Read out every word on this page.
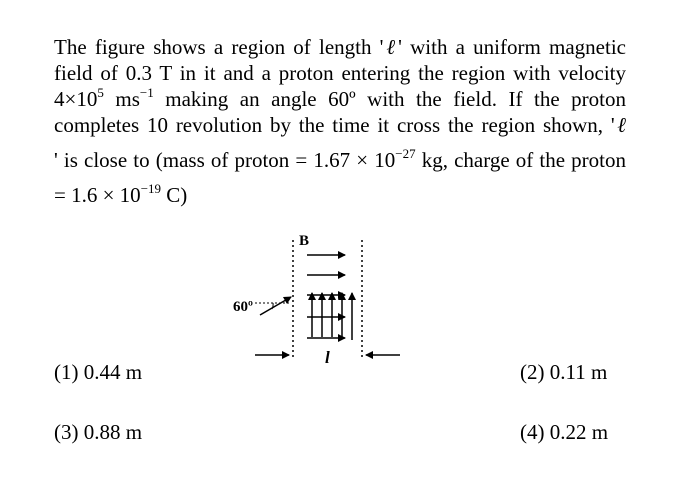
The figure shows a region of length 'ℓ' with a uniform magnetic
field of 0.3 T in it and a proton entering the region with velocity
$4\times 10^5$ $ms^{-1}$ making an angle 60º with the field. If the proton
completes 10 revolution by the time it cross the region shown, 'ℓ
' is close to (mass of proton = $1.67 \times 10^{-27}$ kg, charge of the proton
= $1.6 \times 10^{-19}$ C)
B
60º
l
(1) 0.44 m	(2) 0.11 m
(3) 0.88 m	(4) 0.22 m
